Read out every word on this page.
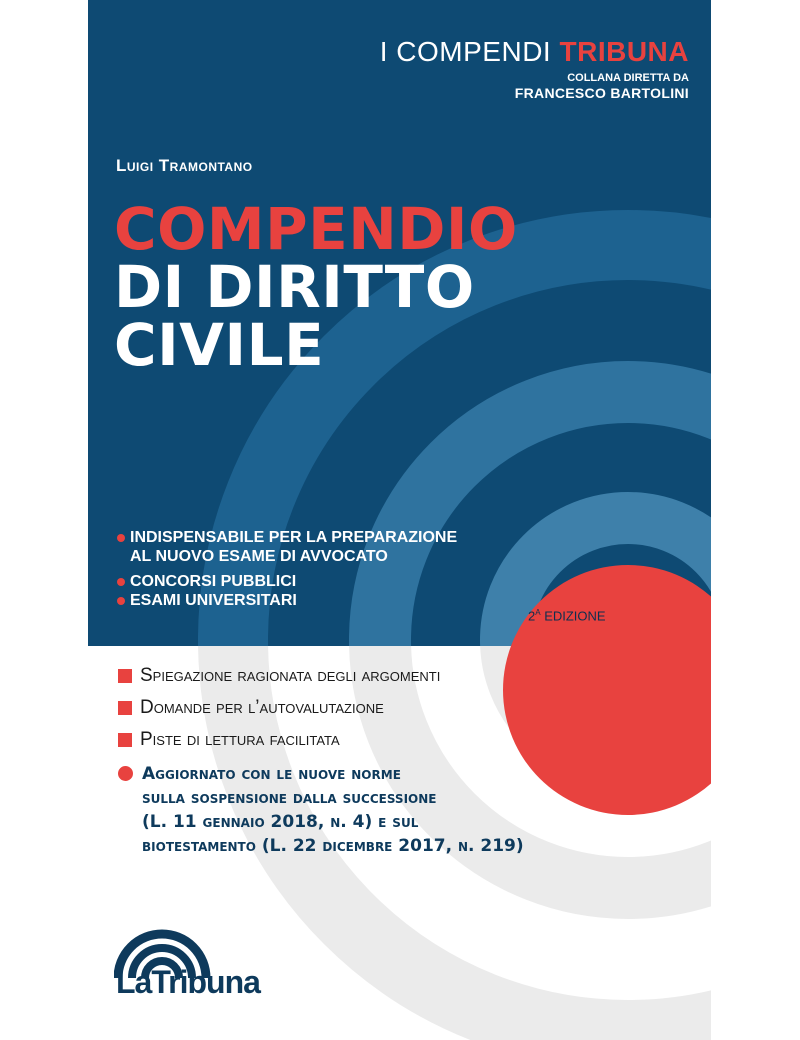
I COMPENDI TRIBUNA
COLLANA DIRETTA DA
FRANCESCO BARTOLINI
Luigi Tramontano
COMPENDIO
DI DIRITTO
CIVILE
INDISPENSABILE PER LA PREPARAZIONE
AL NUOVO ESAME DI AVVOCATO
CONCORSI PUBBLICI
ESAMI UNIVERSITARI
$2^A$ EDIZIONE
Spiegazione ragionata degli argomenti
Domande per l’autovalutazione
Piste di lettura facilitata
Aggiornato con le nuove norme
sulla sospensione dalla successione
(L. 11 gennaio 2018, n. 4) e sul
biotestamento (L. 22 dicembre 2017, n. 219)
LaTribuna
